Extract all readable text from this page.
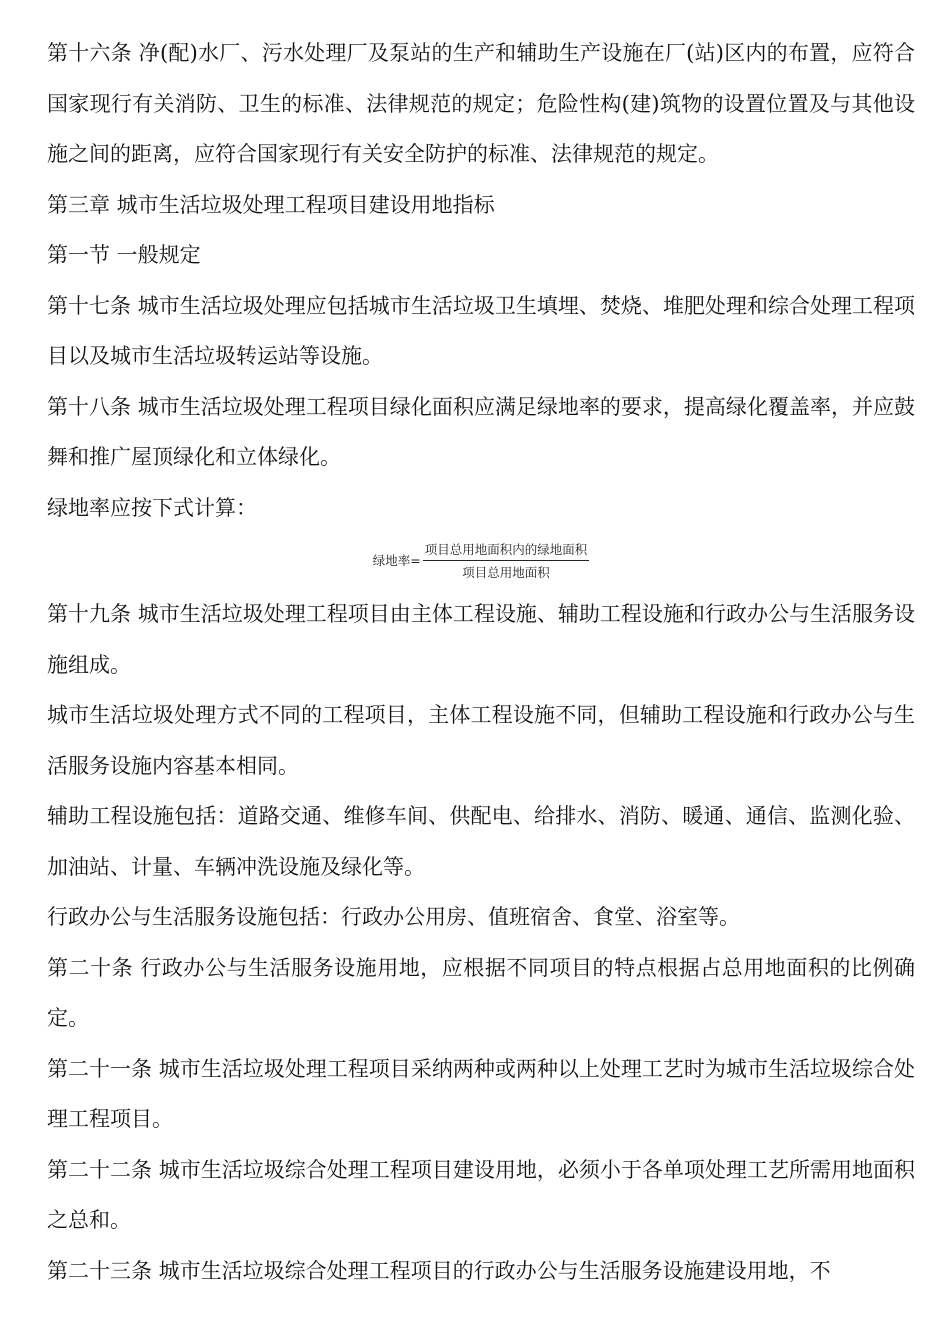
第十六条 净(配)水厂、污水处理厂及泵站的生产和辅助生产设施在厂(站)区内的布置，应符合国家现行有关消防、卫生的标准、法律规范的规定；危险性构(建)筑物的设置位置及与其他设施之间的距离，应符合国家现行有关安全防护的标准、法律规范的规定。

第三章 城市生活垃圾处理工程项目建设用地指标

第一节 一般规定

第十七条 城市生活垃圾处理应包括城市生活垃圾卫生填埋、焚烧、堆肥处理和综合处理工程项目以及城市生活垃圾转运站等设施。

第十八条 城市生活垃圾处理工程项目绿化面积应满足绿地率的要求，提高绿化覆盖率，并应鼓舞和推广屋顶绿化和立体绿化。

绿地率应按下式计算：

绿地率= $\frac{\text{项目总用地面积内的绿地面积}}{\text{项目总用地面积}}$

第十九条 城市生活垃圾处理工程项目由主体工程设施、辅助工程设施和行政办公与生活服务设施组成。

城市生活垃圾处理方式不同的工程项目，主体工程设施不同，但辅助工程设施和行政办公与生活服务设施内容基本相同。

辅助工程设施包括：道路交通、维修车间、供配电、给排水、消防、暖通、通信、监测化验、加油站、计量、车辆冲洗设施及绿化等。

行政办公与生活服务设施包括：行政办公用房、值班宿舍、食堂、浴室等。

第二十条 行政办公与生活服务设施用地，应根据不同项目的特点根据占总用地面积的比例确定。

第二十一条 城市生活垃圾处理工程项目采纳两种或两种以上处理工艺时为城市生活垃圾综合处理工程项目。

第二十二条 城市生活垃圾综合处理工程项目建设用地，必须小于各单项处理工艺所需用地面积之总和。

第二十三条 城市生活垃圾综合处理工程项目的行政办公与生活服务设施建设用地，不
